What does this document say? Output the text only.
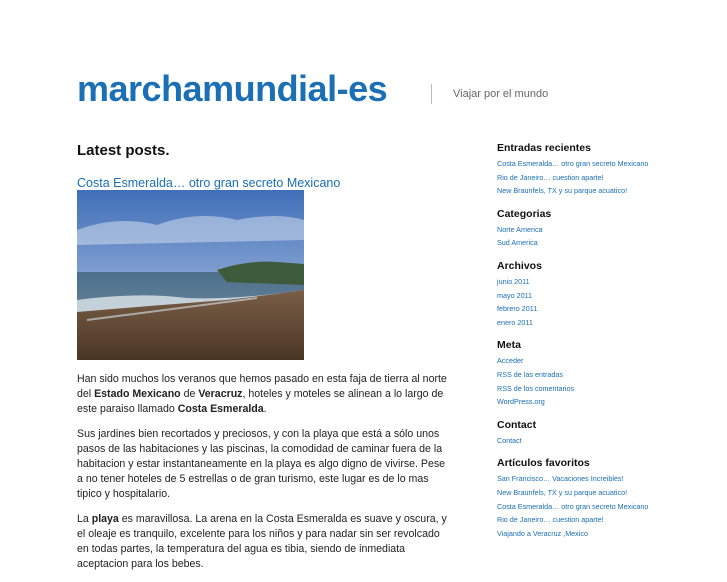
marchamundial-es	Viajar por el mundo
Latest posts.
Costa Esmeralda… otro gran secreto Mexicano

Han sido muchos los veranos que hemos pasado en esta faja de tierra al norte del Estado Mexicano de Veracruz, hoteles y moteles se alinean a lo largo de este paraiso llamado Costa Esmeralda.

Sus jardines bien recortados y preciosos, y con la playa que está a sólo unos pasos de las habitaciones y las piscinas, la comodidad de caminar fuera de la habitacion y estar instantaneamente en la playa es algo digno de vivirse. Pese a no tener hoteles de 5 estrellas o de gran turismo, este lugar es de lo mas tipico y hospitalario.

La playa es maravillosa. La arena en la Costa Esmeralda es suave y oscura, y el oleaje es tranquilo, excelente para los niños y para nadar sin ser revolcado en todas partes, la temperatura del agua es tibia, siendo de inmediata aceptacion para los bebes.

Entradas recientes
Costa Esmeralda… otro gran secreto Mexicano
Rio de Janeiro… cuestion aparte!
New Braunfels, TX y su parque acuatico!
Categorias
Norte America
Sud America
Archivos
junio 2011
mayo 2011
febrero 2011
enero 2011
Meta
Acceder
RSS de las entradas
RSS de los comentarios
WordPress.org
Contact
Contact
Artículos favoritos
San Francisco… Vacaciones Increibles!
New Braunfels, TX y su parque acuatico!
Costa Esmeralda… otro gran secreto Mexicano
Rio de Janeiro… cuestion aparte!
Viajando a Veracruz ,Mexico
